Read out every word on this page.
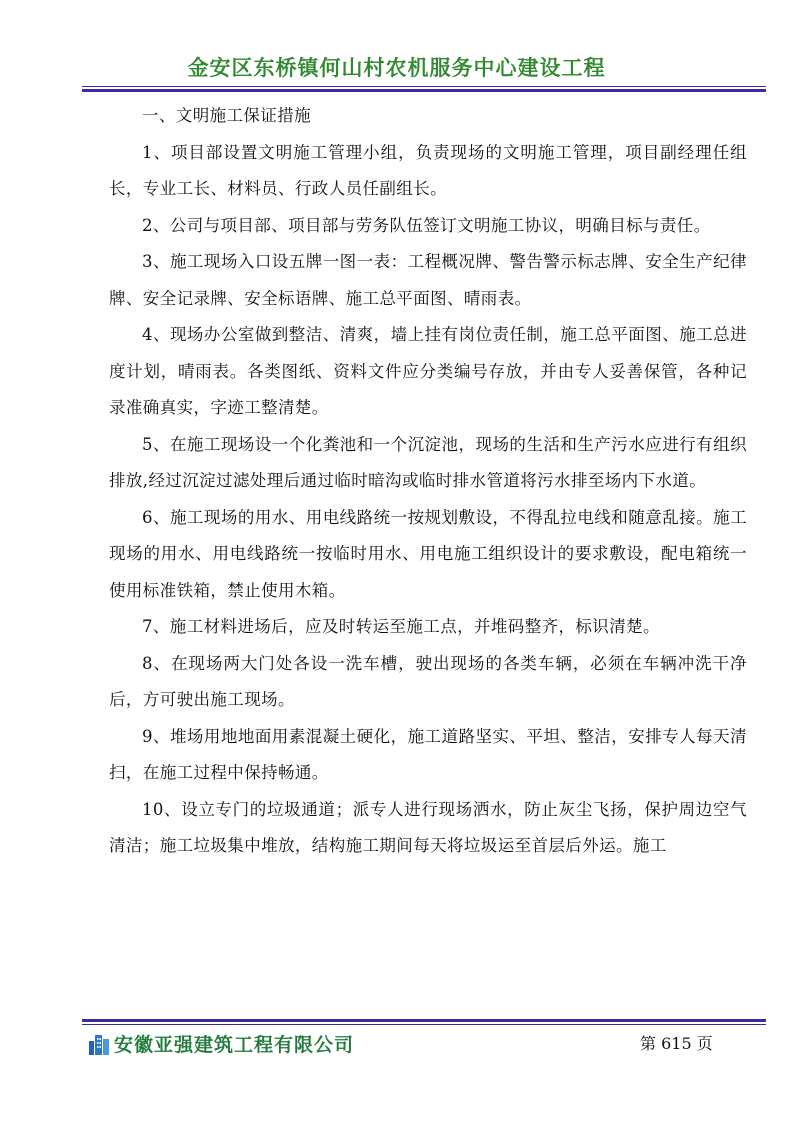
金安区东桥镇何山村农机服务中心建设工程

一、文明施工保证措施

1、项目部设置文明施工管理小组，负责现场的文明施工管理，项目副经理任组长，专业工长、材料员、行政人员任副组长。

2、公司与项目部、项目部与劳务队伍签订文明施工协议，明确目标与责任。

3、施工现场入口设五牌一图一表：工程概况牌、警告警示标志牌、安全生产纪律牌、安全记录牌、安全标语牌、施工总平面图、晴雨表。

4、现场办公室做到整洁、清爽，墙上挂有岗位责任制，施工总平面图、施工总进度计划，晴雨表。各类图纸、资料文件应分类编号存放，并由专人妥善保管，各种记录准确真实，字迹工整清楚。

5、在施工现场设一个化粪池和一个沉淀池，现场的生活和生产污水应进行有组织排放,经过沉淀过滤处理后通过临时暗沟或临时排水管道将污水排至场内下水道。

6、施工现场的用水、用电线路统一按规划敷设，不得乱拉电线和随意乱接。施工现场的用水、用电线路统一按临时用水、用电施工组织设计的要求敷设，配电箱统一使用标准铁箱，禁止使用木箱。

7、施工材料进场后，应及时转运至施工点，并堆码整齐，标识清楚。

8、在现场两大门处各设一洗车槽，驶出现场的各类车辆，必须在车辆冲洗干净后，方可驶出施工现场。

9、堆场用地地面用素混凝土硬化，施工道路坚实、平坦、整洁，安排专人每天清扫，在施工过程中保持畅通。

10、设立专门的垃圾通道；派专人进行现场洒水，防止灰尘飞扬，保护周边空气清洁；施工垃圾集中堆放，结构施工期间每天将垃圾运至首层后外运。施工

安徽亚强建筑工程有限公司	第 615 页
